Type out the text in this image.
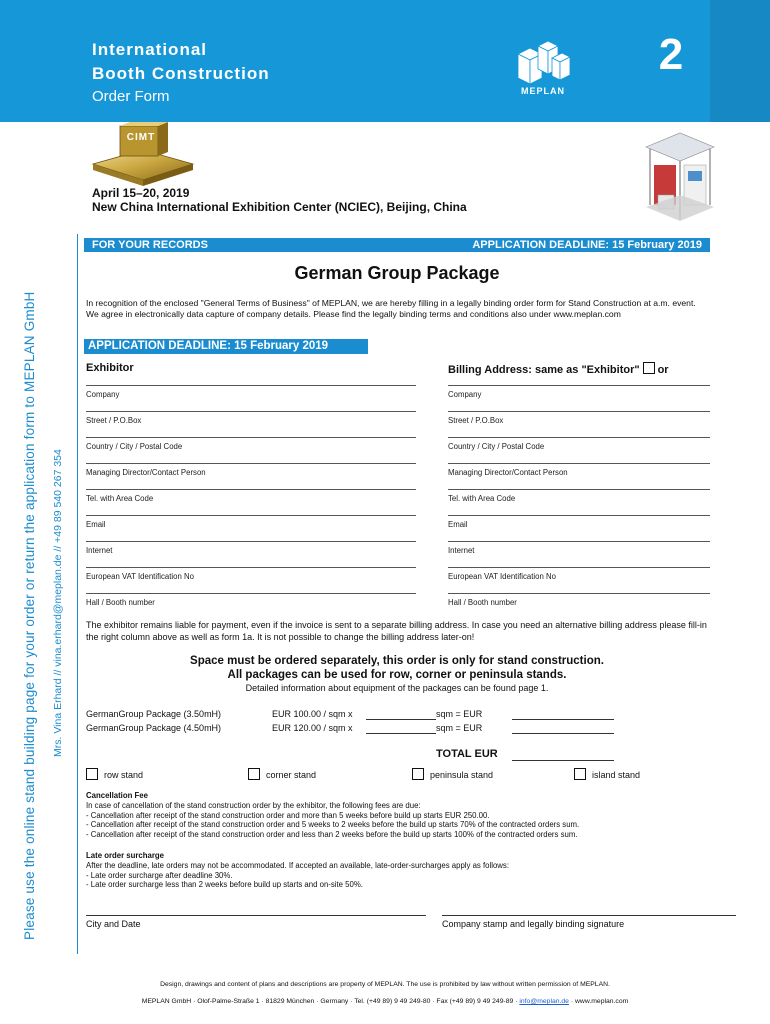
International
Booth Construction
Order Form	MEPLAN
2
CIMT
April 15–20, 2019
New China International Exhibition Center (NCIEC), Beijing, China
Please use the online stand building page for your order or return the application form to MEPLAN GmbH Mrs. Vina Erhard // vina.erhard@meplan.de // +49 89 540 267 354
FOR YOUR RECORDS	APPLICATION DEADLINE: 15 February 2019
German Group Package
In recognition of the enclosed "General Terms of Business" of MEPLAN, we are hereby filling in a legally binding order form for Stand Construction at a.m. event. We agree in electronically data capture of company details. Please find the legally binding terms and conditions also under www.meplan.com
APPLICATION DEADLINE: 15 February 2019
Exhibitor	Billing Address: same as "Exhibitor" or
Company
Street / P.O.Box
Country / City / Postal Code
Managing Director/Contact Person
Tel. with Area Code
Email
Internet
European VAT Identification No
Hall / Booth number
Company
Street / P.O.Box
Country / City / Postal Code
Managing Director/Contact Person
Tel. with Area Code
Email
Internet
European VAT Identification No
Hall / Booth number
The exhibitor remains liable for payment, even if the invoice is sent to a separate billing address. In case you need an alternative billing address please fill-in the right column above as well as form 1a. It is not possible to change the billing address later-on!
Space must be ordered separately, this order is only for stand construction.
All packages can be used for row, corner or peninsula stands.
Detailed information about equipment of the packages can be found page 1.
GermanGroup Package (3.50mH)	EUR 100.00 / sqm x	sqm = EUR
GermanGroup Package (4.50mH)	EUR 120.00 / sqm x	sqm = EUR
TOTAL EUR
row stand	corner stand	peninsula stand	island stand
Cancellation Fee
In case of cancellation of the stand construction order by the exhibitor, the following fees are due:
- Cancellation after receipt of the stand construction order and more than 5 weeks before build up starts EUR 250.00.
- Cancellation after receipt of the stand construction order and 5 weeks to 2 weeks before the build up starts 70% of the contracted orders sum.
- Cancellation after receipt of the stand construction order and less than 2 weeks before the build up starts 100% of the contracted orders sum.
Late order surcharge
After the deadline, late orders may not be accommodated. If accepted an available, late-order-surcharges apply as follows:
- Late order surcharge after deadline 30%.
- Late order surcharge less than 2 weeks before build up starts and on-site 50%.
City and Date	Company stamp and legally binding signature
Design, drawings and content of plans and descriptions are property of MEPLAN. The use is prohibited by law without written permission of MEPLAN.
MEPLAN GmbH · Olof-Palme-Straße 1 · 81829 München · Germany · Tel. (+49 89) 9 49 249-80 · Fax (+49 89) 9 49 249-89 · info@meplan.de · www.meplan.com
